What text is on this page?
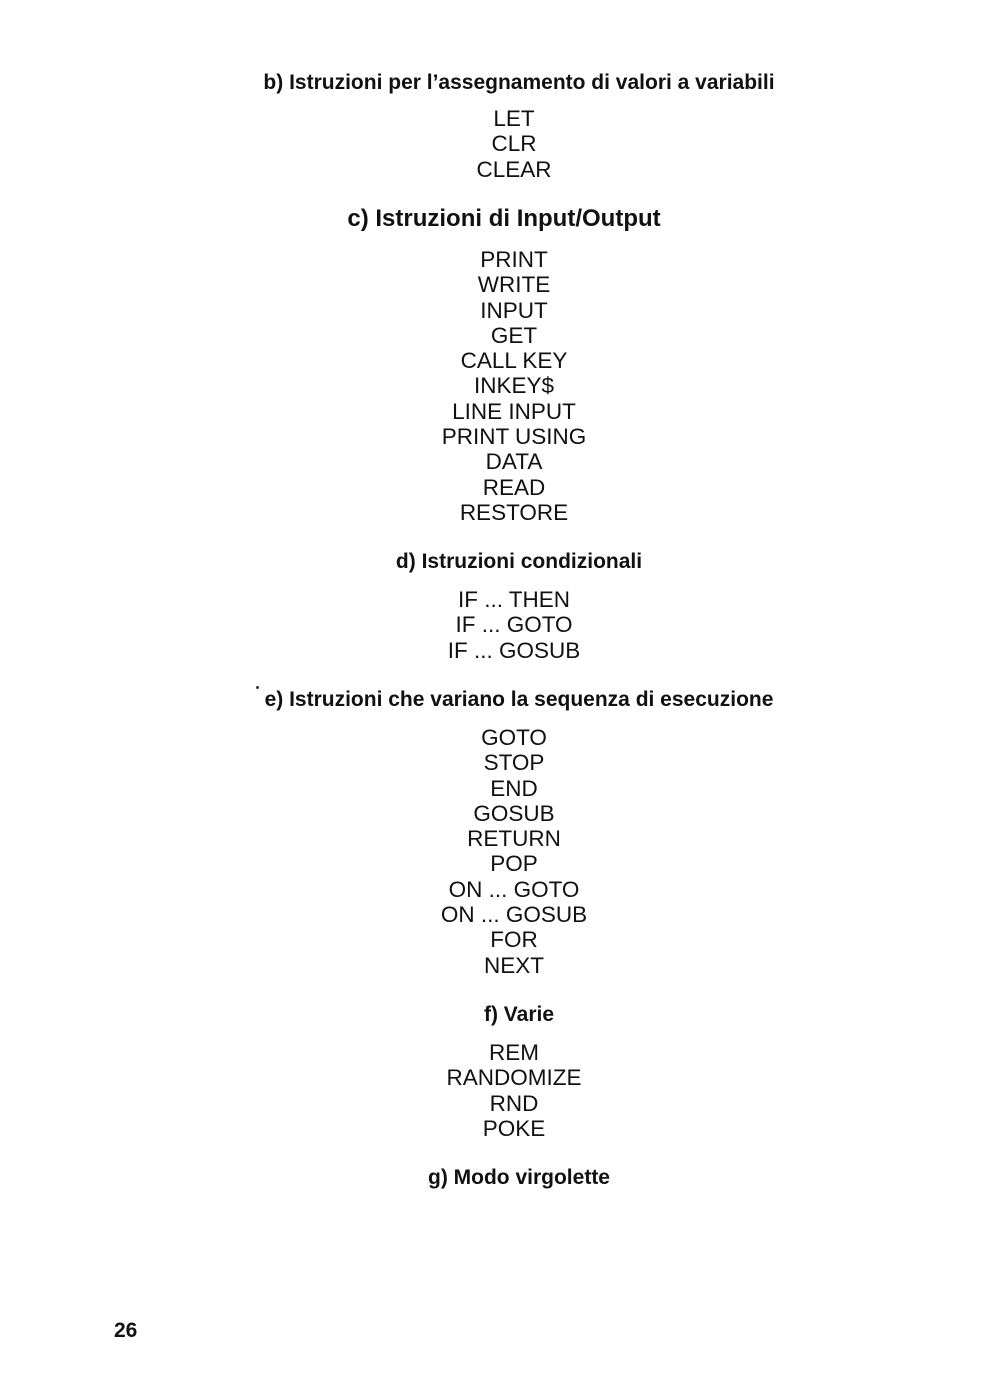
b) Istruzioni per l’assegnamento di valori a variabili
LET
CLR
CLEAR
c) Istruzioni di Input/Output
PRINT
WRITE
INPUT
GET
CALL KEY
INKEY$
LINE INPUT
PRINT USING
DATA
READ
RESTORE
d) Istruzioni condizionali
IF ... THEN
IF ... GOTO
IF ... GOSUB
e) Istruzioni che variano la sequenza di esecuzione
GOTO
STOP
END
GOSUB
RETURN
POP
ON ... GOTO
ON ... GOSUB
FOR
NEXT
f) Varie
REM
RANDOMIZE
RND
POKE
g) Modo virgolette
26
